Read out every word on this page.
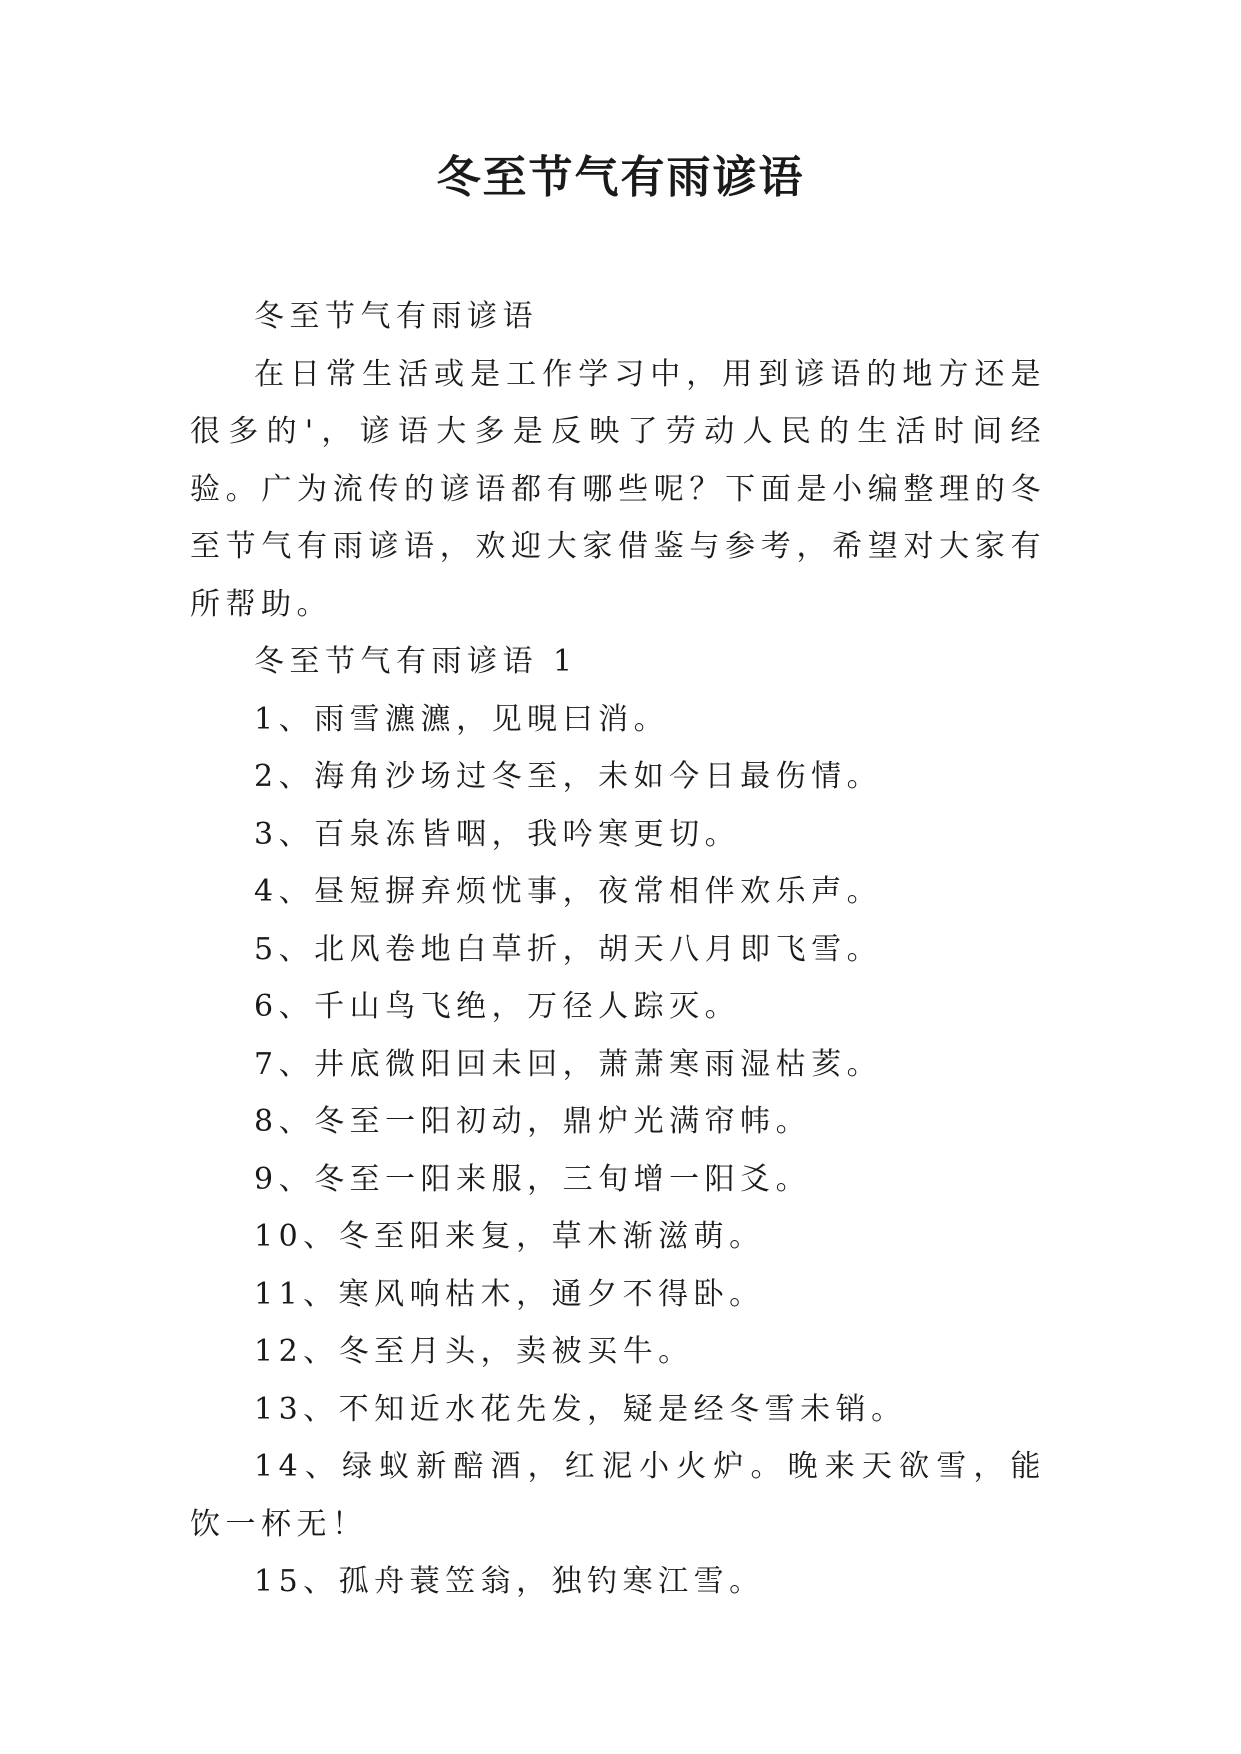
冬至节气有雨谚语

冬至节气有雨谚语

在日常生活或是工作学习中，用到谚语的地方还是很多的'，谚语大多是反映了劳动人民的生活时间经验。广为流传的谚语都有哪些呢？下面是小编整理的冬至节气有雨谚语，欢迎大家借鉴与参考，希望对大家有所帮助。

冬至节气有雨谚语 1

1、雨雪瀌瀌，见晛曰消。

2、海角沙场过冬至，未如今日最伤情。

3、百泉冻皆咽，我吟寒更切。

4、昼短摒弃烦忧事，夜常相伴欢乐声。

5、北风卷地白草折，胡天八月即飞雪。

6、千山鸟飞绝，万径人踪灭。

7、井底微阳回未回，萧萧寒雨湿枯荄。

8、冬至一阳初动，鼎炉光满帘帏。

9、冬至一阳来服，三旬增一阳爻。

10、冬至阳来复，草木渐滋萌。

11、寒风响枯木，通夕不得卧。

12、冬至月头，卖被买牛。

13、不知近水花先发，疑是经冬雪未销。

14、绿蚁新醅酒，红泥小火炉。晚来天欲雪，能饮一杯无！

15、孤舟蓑笠翁，独钓寒江雪。
